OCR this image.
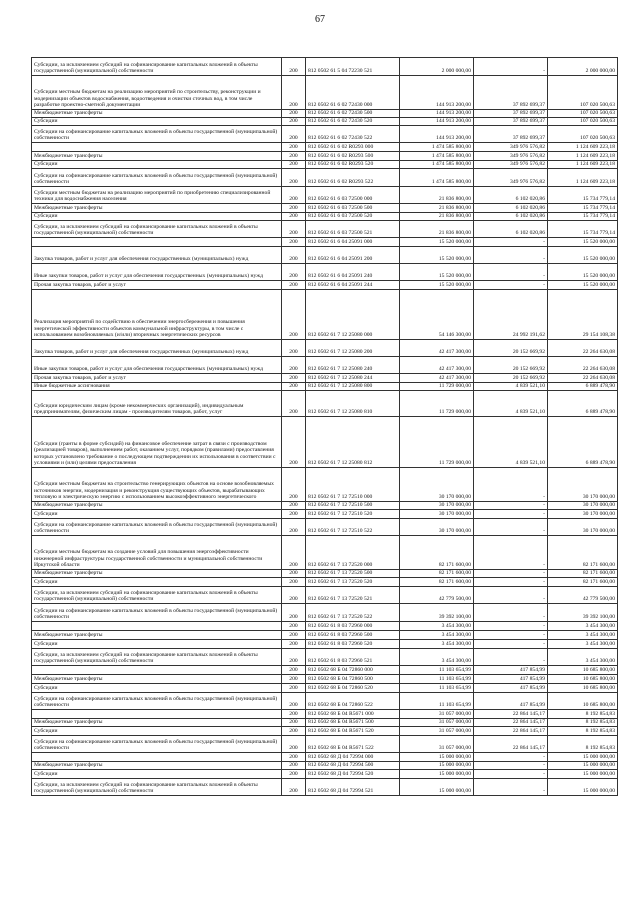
67
Субсидии, за исключением субсидий на софинансирование капитальных вложений в объекты государственной (муниципальной) собственности	200	812 0502 61 5 04 72230 521	2 000 000,00	-	2 000 000,00
Субсидии местным бюджетам на реализацию мероприятий по строительству, реконструкции и модернизации объектов водоснабжения, водоотведения и очистки сточных вод, в том числе разработке проектно-сметной документации	200	812 0502 61 6 02 72430 000	144 913 200,00	37 892 699,37	107 020 500,63
Межбюджетные трансферты	200	812 0502 61 6 02 72430 500	144 913 200,00	37 892 699,37	107 020 500,63
Субсидии	200	812 0502 61 6 02 72430 520	144 913 200,00	37 892 699,37	107 020 500,63
Субсидии на софинансирование капитальных вложений в объекты государственной (муниципальной) собственности	200	812 0502 61 6 02 72430 522	144 913 200,00	37 892 699,37	107 020 500,63
	200	812 0502 61 6 02 R0293 000	1 474 585 800,00	349 976 576,82	1 124 609 223,18
Межбюджетные трансферты	200	812 0502 61 6 02 R0293 500	1 474 585 800,00	349 976 576,82	1 124 609 223,18
Субсидии	200	812 0502 61 6 02 R0293 520	1 474 585 800,00	349 976 576,82	1 124 609 223,18
Субсидии на софинансирование капитальных вложений в объекты государственной (муниципальной) собственности	200	812 0502 61 6 02 R0293 522	1 474 585 800,00	349 976 576,82	1 124 609 223,18
Субсидии местным бюджетам на реализацию мероприятий по приобретению специализированной техники для водоснабжения населения	200	812 0502 61 6 03 72500 000	21 836 800,00	6 102 020,86	15 734 779,14
Межбюджетные трансферты	200	812 0502 61 6 03 72500 500	21 836 800,00	6 102 020,86	15 734 779,14
Субсидии	200	812 0502 61 6 03 72500 520	21 836 800,00	6 102 020,86	15 734 779,14
Субсидии, за исключением субсидий на софинансирование капитальных вложений в объекты государственной (муниципальной) собственности	200	812 0502 61 6 03 72500 521	21 836 800,00	6 102 020,86	15 734 779,14
	200	812 0502 61 6 04 25091 000	15 520 000,00	-	15 520 000,00
Закупка товаров, работ и услуг для обеспечения государственных (муниципальных) нужд	200	812 0502 61 6 04 25091 200	15 520 000,00	-	15 520 000,00
Иные закупки товаров, работ и услуг для обеспечения государственных (муниципальных) нужд	200	812 0502 61 6 04 25091 240	15 520 000,00	-	15 520 000,00
Прочая закупка товаров, работ и услуг	200	812 0502 61 6 04 25091 244	15 520 000,00	-	15 520 000,00
Реализация мероприятий по содействию в обеспечении энергосбережения и повышения энергетической эффективности объектов коммунальной инфраструктуры, в том числе с использованием возобновляемых (и/или) вторичных энергетических ресурсов	200	812 0502 61 7 12 25080 000	54 146 300,00	24 992 191,62	29 154 108,38
Закупка товаров, работ и услуг для обеспечения государственных (муниципальных) нужд	200	812 0502 61 7 12 25080 200	42 417 300,00	20 152 669,92	22 264 630,08
Иные закупки товаров, работ и услуг для обеспечения государственных (муниципальных) нужд	200	812 0502 61 7 12 25080 240	42 417 300,00	20 152 669,92	22 264 630,08
Прочая закупка товаров, работ и услуг	200	812 0502 61 7 12 25080 244	42 417 300,00	20 152 669,92	22 264 630,08
Иные бюджетные ассигнования	200	812 0502 61 7 12 25080 800	11 729 000,00	4 839 521,10	6 889 478,90
Субсидии юридическим лицам (кроме некоммерческих организаций), индивидуальным предпринимателям, физическим лицам - производителям товаров, работ, услуг	200	812 0502 61 7 12 25080 810	11 729 000,00	4 839 521,10	6 889 478,90
Субсидии (гранты в форме субсидий) на финансовое обеспечение затрат в связи с производством (реализацией товаров), выполнением работ, оказанием услуг, порядком (правилами) предоставления которых установлено требование о последующем подтверждении их использования в соответствии с условиями и (или) целями предоставления	200	812 0502 61 7 12 25080 812	11 729 000,00	4 839 521,10	6 889 478,90
Субсидии местным бюджетам на строительство генерирующих объектов на основе возобновляемых источников энергии, модернизация и реконструкция существующих объектов, вырабатывающих тепловую и электрическую энергию с использованием высокоэффективного энергетического	200	812 0502 61 7 12 72510 000	30 170 000,00	-	30 170 000,00
Межбюджетные трансферты	200	812 0502 61 7 12 72510 500	30 170 000,00	-	30 170 000,00
Субсидии	200	812 0502 61 7 12 72510 520	30 170 000,00	-	30 170 000,00
Субсидии на софинансирование капитальных вложений в объекты государственной (муниципальной) собственности	200	812 0502 61 7 12 72510 522	30 170 000,00	-	30 170 000,00
Субсидии местным бюджетам на создание условий для повышения энергоэффективности инженерной инфраструктуры государственной собственности и муниципальной собственности Иркутской области	200	812 0502 61 7 13 72520 000	82 171 600,00	-	82 171 600,00
Межбюджетные трансферты	200	812 0502 61 7 13 72520 500	82 171 600,00	-	82 171 600,00
Субсидии	200	812 0502 61 7 13 72520 520	82 171 600,00	-	82 171 600,00
Субсидии, за исключением субсидий на софинансирование капитальных вложений в объекты государственной (муниципальной) собственности	200	812 0502 61 7 13 72520 521	42 779 500,00	-	42 779 500,00
Субсидии на софинансирование капитальных вложений в объекты государственной (муниципальной) собственности	200	812 0502 61 7 13 72520 522	39 392 100,00	-	39 392 100,00
	200	812 0502 61 8 03 72960 000	3 454 300,00	-	3 454 300,00
Межбюджетные трансферты	200	812 0502 61 8 03 72960 500	3 454 300,00	-	3 454 300,00
Субсидии	200	812 0502 61 8 03 72960 520	3 454 300,00	-	3 454 300,00
Субсидии, за исключением субсидий на софинансирование капитальных вложений в объекты государственной (муниципальной) собственности	200	812 0502 61 8 03 72960 521	3 454 300,00	-	3 454 300,00
	200	812 0502 68 Б 04 72860 000	11 103 654,99	417 854,99	10 685 800,00
Межбюджетные трансферты	200	812 0502 68 Б 04 72860 500	11 103 654,99	417 854,99	10 685 800,00
Субсидии	200	812 0502 68 Б 04 72860 520	11 103 654,99	417 854,99	10 685 800,00
Субсидии на софинансирование капитальных вложений в объекты государственной (муниципальной) собственности	200	812 0502 68 Б 04 72860 522	11 103 654,99	417 854,99	10 685 800,00
	200	812 0502 68 Б 04 R5671 000	31 057 000,00	22 864 145,17	8 192 854,83
Межбюджетные трансферты	200	812 0502 68 Б 04 R5671 500	31 057 000,00	22 864 145,17	8 192 854,83
Субсидии	200	812 0502 68 Б 04 R5671 520	31 057 000,00	22 864 145,17	8 192 854,83
Субсидии на софинансирование капитальных вложений в объекты государственной (муниципальной) собственности	200	812 0502 68 Б 04 R5671 522	31 057 000,00	22 864 145,17	8 192 854,83
	200	812 0502 68 Д 04 72994 000	15 000 000,00	-	15 000 000,00
Межбюджетные трансферты	200	812 0502 68 Д 04 72994 500	15 000 000,00	-	15 000 000,00
Субсидии	200	812 0502 68 Д 04 72994 520	15 000 000,00	-	15 000 000,00
Субсидии, за исключением субсидий на софинансирование капитальных вложений в объекты государственной (муниципальной) собственности	200	812 0502 68 Д 04 72994 521	15 000 000,00	-	15 000 000,00
